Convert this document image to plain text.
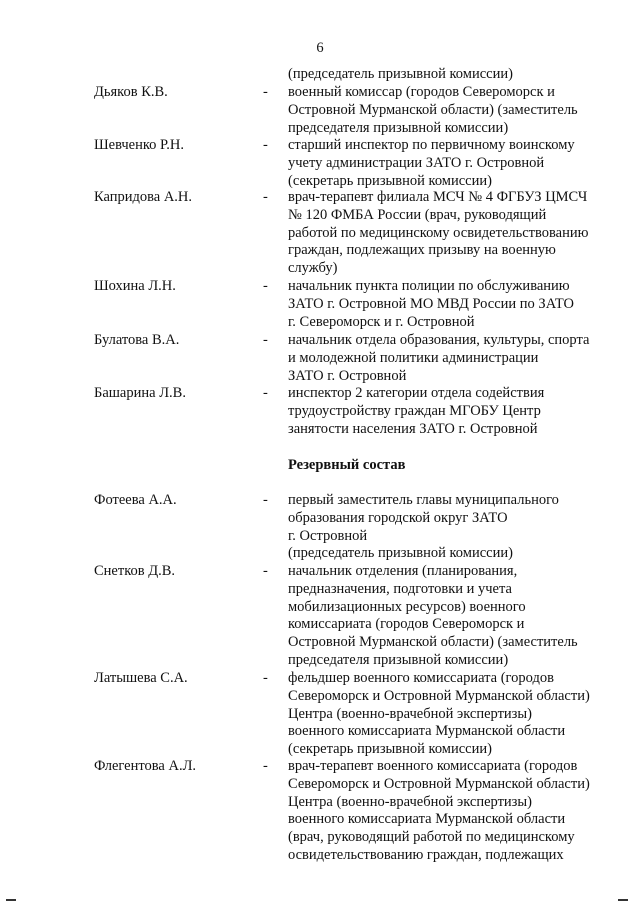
6
(председатель призывной комиссии)
Дьяков К.В.	- военный комиссар (городов Североморск и
Островной Мурманской области) (заместитель
председателя призывной комиссии)
Шевченко Р.Н.	- старший инспектор по первичному воинскому
учету администрации ЗАТО г. Островной
(секретарь призывной комиссии)
Капридова А.Н.	- врач-терапевт филиала МСЧ № 4 ФГБУЗ ЦМСЧ
№ 120 ФМБА России (врач, руководящий
работой по медицинскому освидетельствованию
граждан, подлежащих призыву на военную
службу)
Шохина Л.Н.	- начальник пункта полиции по обслуживанию
ЗАТО г. Островной МО МВД России по ЗАТО
г. Североморск и г. Островной
Булатова В.А.	- начальник отдела образования, культуры, спорта
и молодежной политики администрации
ЗАТО г. Островной
Башарина Л.В.	- инспектор 2 категории отдела содействия
трудоустройству граждан МГОБУ Центр
занятости населения ЗАТО г. Островной
Резервный состав
Фотеева А.А.	- первый заместитель главы муниципального
образования городской округ ЗАТО
г. Островной
(председатель призывной комиссии)
Снетков Д.В.	- начальник отделения (планирования,
предназначения, подготовки и учета
мобилизационных ресурсов) военного
комиссариата (городов Североморск и
Островной Мурманской области) (заместитель
председателя призывной комиссии)
Латышева С.А.	- фельдшер военного комиссариата (городов
Североморск и Островной Мурманской области)
Центра (военно-врачебной экспертизы)
военного комиссариата Мурманской области
(секретарь призывной комиссии)
Флегентова А.Л.	- врач-терапевт военного комиссариата (городов
Североморск и Островной Мурманской области)
Центра (военно-врачебной экспертизы)
военного комиссариата Мурманской области
(врач, руководящий работой по медицинскому
освидетельствованию граждан, подлежащих
